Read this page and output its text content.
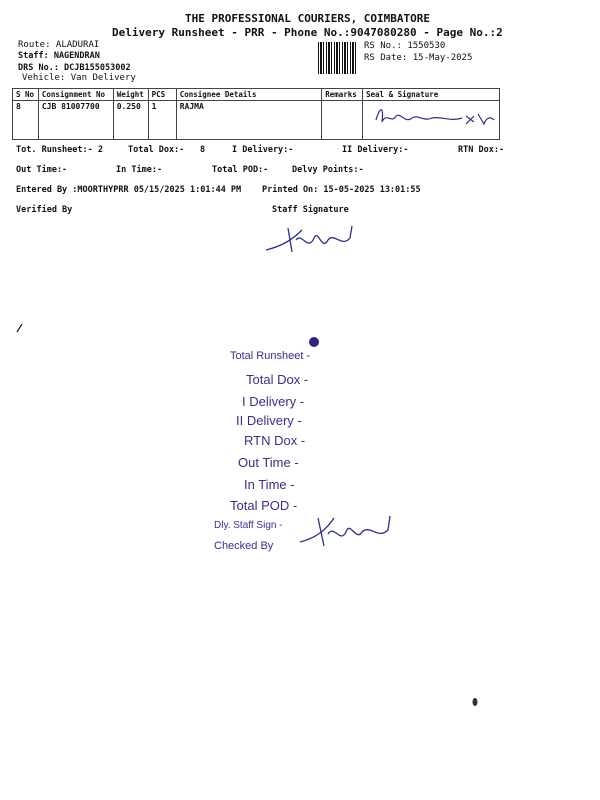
THE PROFESSIONAL COURIERS, COIMBATORE
Delivery Runsheet - PRR - Phone No.:9047080280 - Page No.:2
Route: ALADURAI
Staff: NAGENDRAN
DRS No.: DCJB155053002
Vehicle: Van Delivery
RS No.: 1550530
RS Date: 15-May-2025
S No	Consignment No	Weight	PCS	Consignee Details	Remarks	Seal & Signature
8	CJB 81007700	0.250	1	RAJMA		
Tot. Runsheet:- 2	Total Dox:- 8	I Delivery:-	II Delivery:-	RTN Dox:-
Out Time:-	In Time:-	Total POD:-	Delvy Points:-
Entered By :MOORTHYPRR 05/15/2025 1:01:44 PM Printed On: 15-05-2025 13:01:55
Verified By	Staff Signature
Total Runsheet -
Total Dox -
I Delivery -
II Delivery -
RTN Dox -
Out Time -
In Time -
Total POD -
Dly. Staff Sign -
Checked By
